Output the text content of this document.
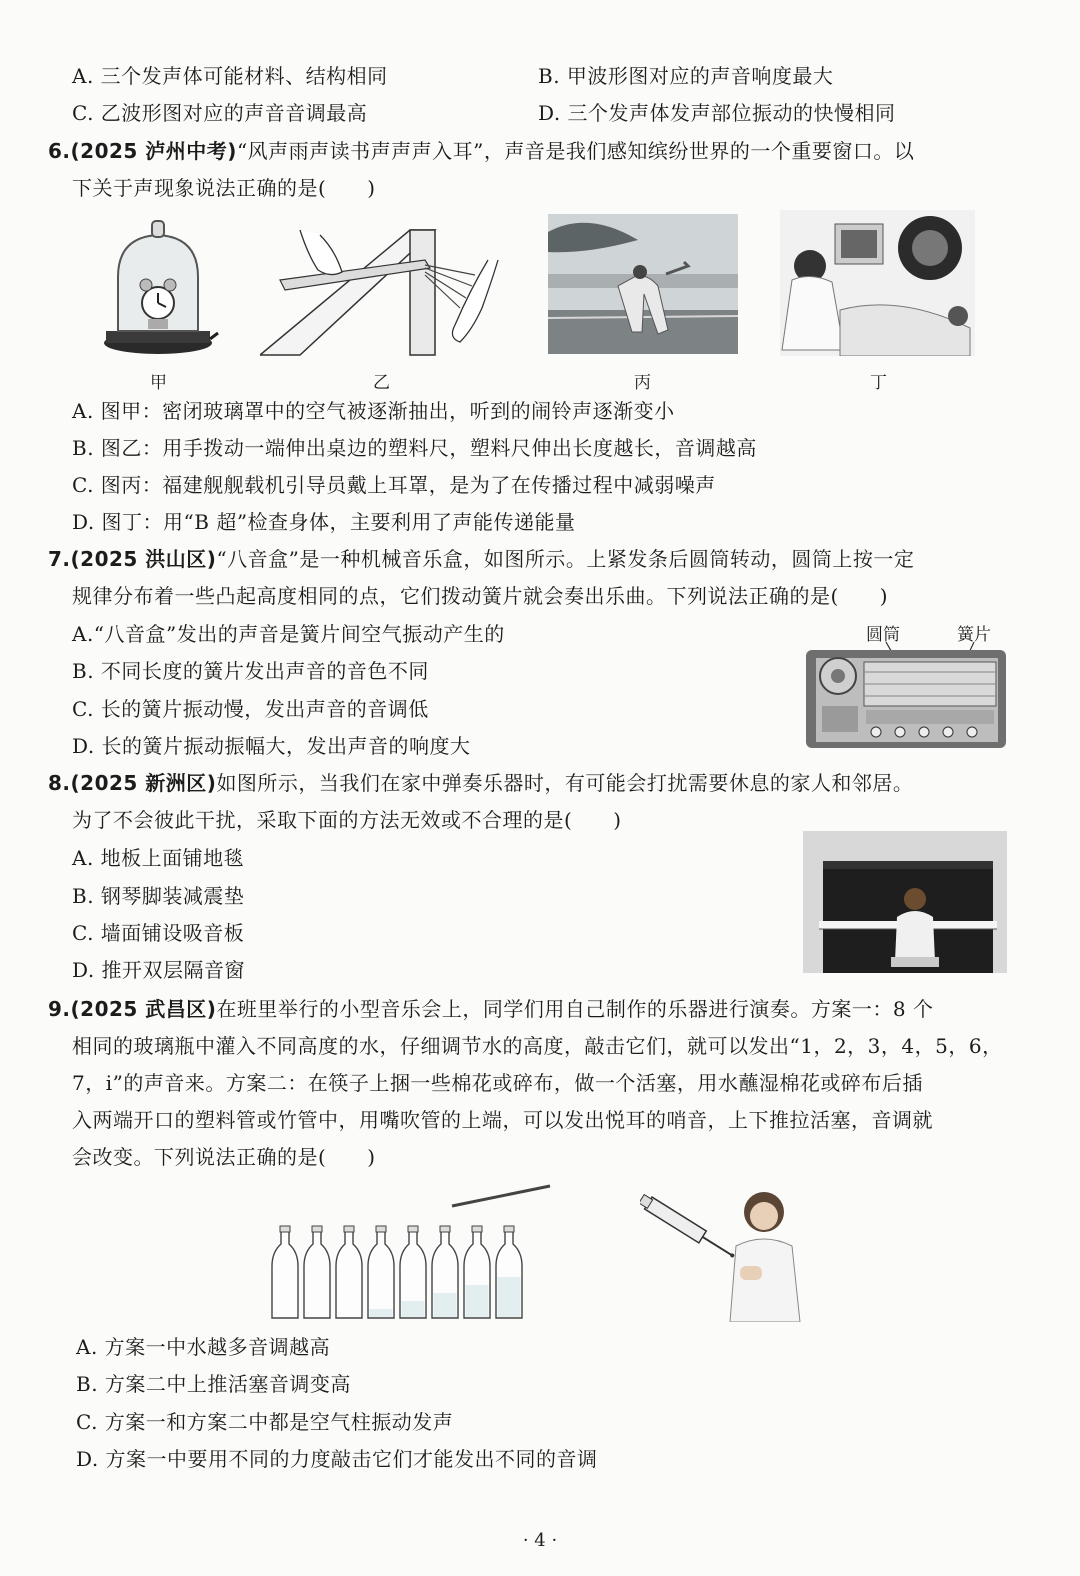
A. 三个发声体可能材料、结构相同	B. 甲波形图对应的声音响度最大
C. 乙波形图对应的声音音调最高	D. 三个发声体发声部位振动的快慢相同
6.(2025 泸州中考)“风声雨声读书声声声入耳”，声音是我们感知缤纷世界的一个重要窗口。以
下关于声现象说法正确的是(　　)
甲	乙	丙	丁
A. 图甲：密闭玻璃罩中的空气被逐渐抽出，听到的闹铃声逐渐变小
B. 图乙：用手拨动一端伸出桌边的塑料尺，塑料尺伸出长度越长，音调越高
C. 图丙：福建舰舰载机引导员戴上耳罩，是为了在传播过程中减弱噪声
D. 图丁：用“B 超”检查身体，主要利用了声能传递能量
7.(2025 洪山区)“八音盒”是一种机械音乐盒，如图所示。上紧发条后圆筒转动，圆筒上按一定
规律分布着一些凸起高度相同的点，它们拨动簧片就会奏出乐曲。下列说法正确的是(　　)
A.“八音盒”发出的声音是簧片间空气振动产生的
B. 不同长度的簧片发出声音的音色不同
C. 长的簧片振动慢，发出声音的音调低
D. 长的簧片振动振幅大，发出声音的响度大
圆筒	簧片
8.(2025 新洲区)如图所示，当我们在家中弹奏乐器时，有可能会打扰需要休息的家人和邻居。
为了不会彼此干扰，采取下面的方法无效或不合理的是(　　)
A. 地板上面铺地毯
B. 钢琴脚装减震垫
C. 墙面铺设吸音板
D. 推开双层隔音窗
9.(2025 武昌区)在班里举行的小型音乐会上，同学们用自己制作的乐器进行演奏。方案一：8 个
相同的玻璃瓶中灌入不同高度的水，仔细调节水的高度，敲击它们，就可以发出“1，2，3，4，5，6，
7，i”的声音来。方案二：在筷子上捆一些棉花或碎布，做一个活塞，用水蘸湿棉花或碎布后插
入两端开口的塑料管或竹管中，用嘴吹管的上端，可以发出悦耳的哨音，上下推拉活塞，音调就
会改变。下列说法正确的是(　　)
A. 方案一中水越多音调越高
B. 方案二中上推活塞音调变高
C. 方案一和方案二中都是空气柱振动发声
D. 方案一中要用不同的力度敲击它们才能发出不同的音调
· 4 ·
